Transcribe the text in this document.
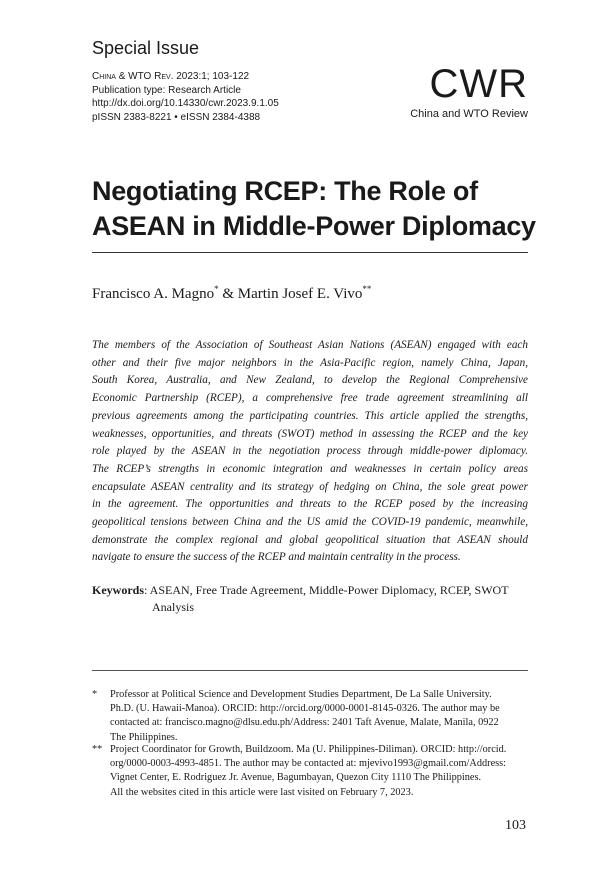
Special Issue
China & WTO Rev. 2023:1; 103-122
Publication type: Research Article
http://dx.doi.org/10.14330/cwr.2023.9.1.05
pISSN 2383-8221 • eISSN 2384-4388
CWR
China and WTO Review
Negotiating RCEP: The Role of
ASEAN in Middle-Power Diplomacy
Francisco A. Magno* & Martin Josef E. Vivo**
The members of the Association of Southeast Asian Nations (ASEAN) engaged with each
other and their five major neighbors in the Asia-Pacific region, namely China, Japan,
South Korea, Australia, and New Zealand, to develop the Regional Comprehensive
Economic Partnership (RCEP), a comprehensive free trade agreement streamlining all
previous agreements among the participating countries. This article applied the strengths,
weaknesses, opportunities, and threats (SWOT) method in assessing the RCEP and the key
role played by the ASEAN in the negotiation process through middle-power diplomacy.
The RCEP’s strengths in economic integration and weaknesses in certain policy areas
encapsulate ASEAN centrality and its strategy of hedging on China, the sole great power
in the agreement. The opportunities and threats to the RCEP posed by the increasing
geopolitical tensions between China and the US amid the COVID-19 pandemic, meanwhile,
demonstrate the complex regional and global geopolitical situation that ASEAN should
navigate to ensure the success of the RCEP and maintain centrality in the process.
Keywords: ASEAN, Free Trade Agreement, Middle-Power Diplomacy, RCEP, SWOT
Analysis
* Professor at Political Science and Development Studies Department, De La Salle University.
Ph.D. (U. Hawaii-Manoa). ORCID: http://orcid.org/0000-0001-8145-0326. The author may be
contacted at: francisco.magno@dlsu.edu.ph/Address: 2401 Taft Avenue, Malate, Manila, 0922
The Philippines.
** Project Coordinator for Growth, Buildzoom. Ma (U. Philippines-Diliman). ORCID: http://orcid.
org/0000-0003-4993-4851. The author may be contacted at: mjevivo1993@gmail.com/Address:
Vignet Center, E. Rodriguez Jr. Avenue, Bagumbayan, Quezon City 1110 The Philippines.
All the websites cited in this article were last visited on February 7, 2023.
103
